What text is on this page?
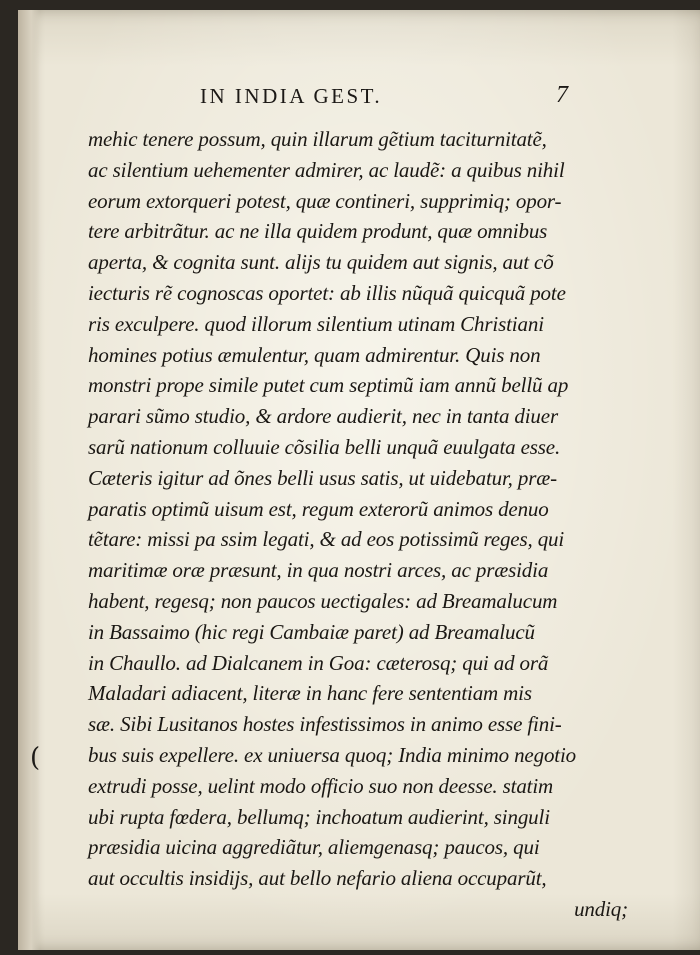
(
IN INDIA GEST.	7
mehic tenere possum, quin illarum gẽtium taciturnitatẽ,
ac silentium uehementer admirer, ac laudẽ: a quibus nihil
eorum extorqueri potest, quæ contineri, supprimiq; opor-
tere arbitrãtur. ac ne illa quidem produnt, quæ omnibus
aperta, & cognita sunt. alijs tu quidem aut signis, aut cõ
iecturis rẽ cognoscas oportet: ab illis nũquã quicquã pote
ris exculpere. quod illorum silentium utinam Christiani
homines potius æmulentur, quam admirentur. Quis non
monstri prope simile putet cum septimũ iam annũ bellũ ap
parari sũmo studio, & ardore audierit, nec in tanta diuer
sarũ nationum colluuie cõsilia belli unquã euulgata esse.
Cæteris igitur ad õnes belli usus satis, ut uidebatur, præ-
paratis optimũ uisum est, regum exterorũ animos denuo
tẽtare: missi pa ssim legati, & ad eos potissimũ reges, qui
maritimæ oræ præsunt, in qua nostri arces, ac præsidia
habent, regesq; non paucos uectigales: ad Breamalucum
in Bassaimo (hic regi Cambaiæ paret) ad Breamalucũ
in Chaullo. ad Dialcanem in Goa: cæterosq; qui ad orã
Maladari adiacent, literæ in hanc fere sententiam mis
sæ. Sibi Lusitanos hostes infestissimos in animo esse fini-
bus suis expellere. ex uniuersa quoq; India minimo negotio
extrudi posse, uelint modo officio suo non deesse. statim
ubi rupta fœdera, bellumq; inchoatum audierint, singuli
præsidia uicina aggrediãtur, aliemgenasq; paucos, qui
aut occultis insidijs, aut bello nefario aliena occuparũt,
undiq;
